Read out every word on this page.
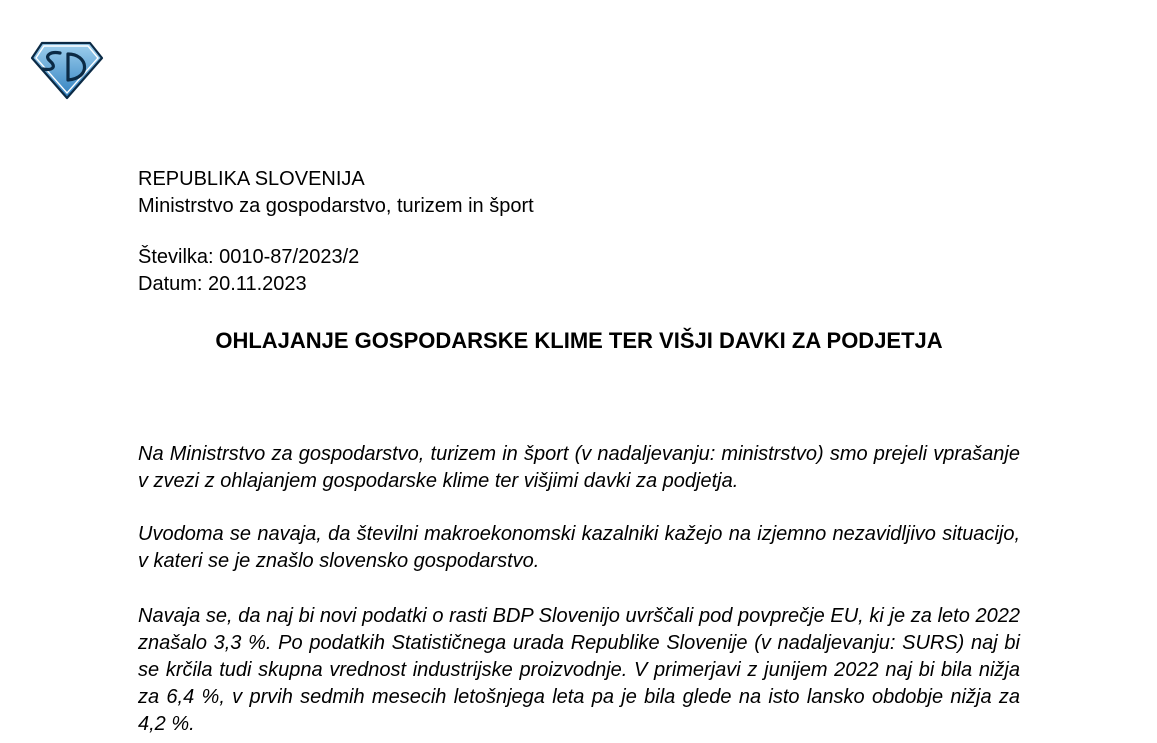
REPUBLIKA SLOVENIJA
Ministrstvo za gospodarstvo, turizem in šport
Številka: 0010-87/2023/2
Datum: 20.11.2023
OHLAJANJE GOSPODARSKE KLIME TER VIŠJI DAVKI ZA PODJETJA

Na Ministrstvo za gospodarstvo, turizem in šport (v nadaljevanju: ministrstvo) smo prejeli vprašanje v zvezi z ohlajanjem gospodarske klime ter višjimi davki za podjetja.

Uvodoma se navaja, da številni makroekonomski kazalniki kažejo na izjemno nezavidljivo situacijo, v kateri se je znašlo slovensko gospodarstvo.

Navaja se, da naj bi novi podatki o rasti BDP Slovenijo uvrščali pod povprečje EU, ki je za leto 2022 znašalo 3,3 %. Po podatkih Statističnega urada Republike Slovenije (v nadaljevanju: SURS) naj bi se krčila tudi skupna vrednost industrijske proizvodnje. V primerjavi z junijem 2022 naj bi bila nižja za 6,4 %, v prvih sedmih mesecih letošnjega leta pa je bila glede na isto lansko obdobje nižja za 4,2 %.
